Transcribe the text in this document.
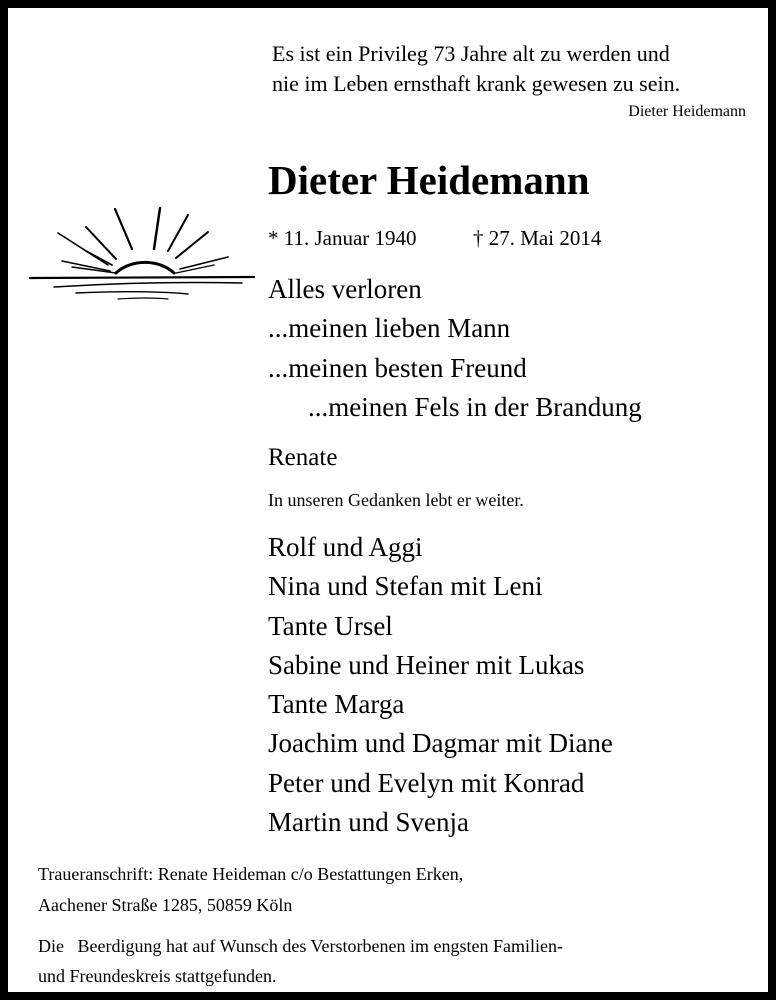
Es ist ein Privileg 73 Jahre alt zu werden und

nie im Leben ernsthaft krank gewesen zu sein.

Dieter Heidemann

Dieter Heidemann

* 11. Januar 1940	† 27. Mai 2014

Alles verloren

...meinen lieben Mann

...meinen besten Freund

...meinen Fels in der Brandung

Renate

In unseren Gedanken lebt er weiter.

Rolf und Aggi

Nina und Stefan mit Leni

Tante Ursel

Sabine und Heiner mit Lukas

Tante Marga

Joachim und Dagmar mit Diane

Peter und Evelyn mit Konrad

Martin und Svenja

Traueranschrift: Renate Heideman c/o Bestattungen Erken,

Aachener Straße 1285, 50859 Köln

Die   Beerdigung hat auf Wunsch des Verstorbenen im engsten Familien-

und Freundeskreis stattgefunden.
